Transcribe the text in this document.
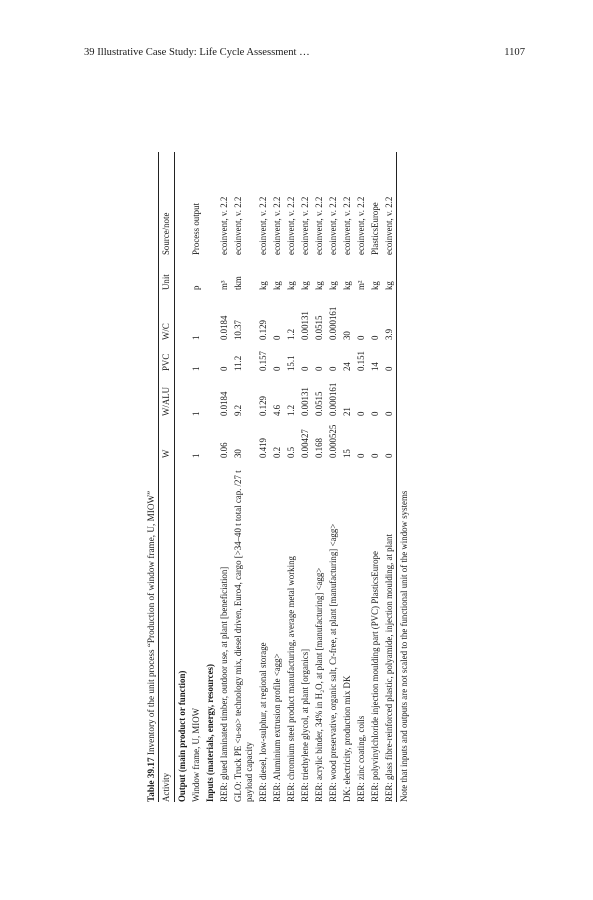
39 Illustrative Case Study: Life Cycle Assessment …	1107
Table 39.17 Inventory of the unit process “Production of window frame, U, MIOW”
Activity
W
W/ALU
PVC
W/C
Unit
Source/note
Output (main product or function) Window frame, U, MIOW
1
1
1
1
p
Process output
Inputs (materials, energy, resources) RER: glued laminated timber, outdoor use, at plant [beneficiation]
0.06
0.0184
0
0.0184
m³
ecoinvent, v. 2.2
GLO: Truck PE <u-so> technology mix, diesel driven, Euro4, cargo [>34–40 t total cap. /27 t payload capacity
30
9.2
11.2
10.37
tkm
ecoinvent, v. 2.2
RER: diesel, low-sulphur, at regional storage
0.419
0.129
0.157
0.129
kg
ecoinvent, v. 2.2
RER: Aluminium extrusion profile <agg>
0.2
4.6
0
0
kg
ecoinvent, v. 2.2
RER: chromium steel product manufacturing, average metal working
0.5
1.2
15.1
1.2
kg
ecoinvent, v. 2.2
RER: triethylene glycol, at plant [organics]
0.00427
0.00131
0
0.00131
kg
ecoinvent, v. 2.2
RER: acrylic binder, 34% in H₂O, at plant [manufacturing] <agg>
0.168
0.0515
0
0.0515
kg
ecoinvent, v. 2.2
RER: wood preservative, organic salt, Cr-free, at plant [manufacturing] <agg>
0.000525
0.000161
0
0.000161
kg
ecoinvent, v. 2.2
DK: electricity, production mix DK
15
21
24
30
kg
ecoinvent, v. 2.2
RER: zinc coating, coils
0
0
0.151
0
m²
ecoinvent, v. 2.2
RER: polyvinylchloride injection moulding part (PVC) PlasticsEurope
0
0
14
0
kg
PlasticsEurope
RER: glass fibre-reinforced plastic, polyamide, injection moulding, at plant
0
0
0
3.9
kg
ecoinvent, v. 2.2
Note that inputs and outputs are not scaled to the functional unit of the window systems
